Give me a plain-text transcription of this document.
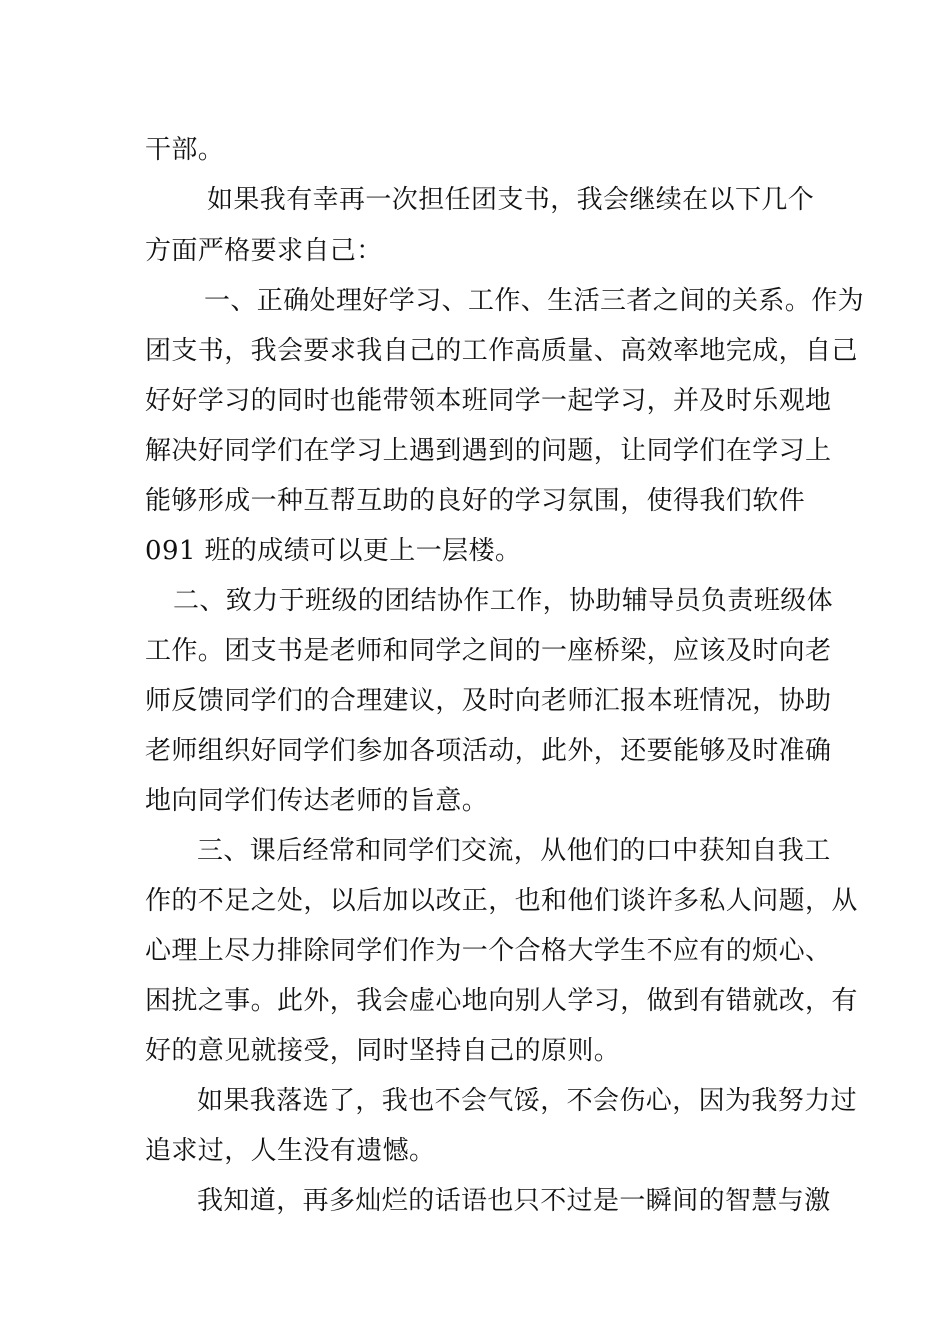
干部。
如果我有幸再一次担任团支书，我会继续在以下几个
方面严格要求自己：
一、正确处理好学习、工作、生活三者之间的关系。作为
团支书，我会要求我自己的工作高质量、高效率地完成，自己
好好学习的同时也能带领本班同学一起学习，并及时乐观地
解决好同学们在学习上遇到遇到的问题，让同学们在学习上
能够形成一种互帮互助的良好的学习氛围，使得我们软件
091 班的成绩可以更上一层楼。
二、致力于班级的团结协作工作，协助辅导员负责班级体
工作。团支书是老师和同学之间的一座桥梁，应该及时向老
师反馈同学们的合理建议，及时向老师汇报本班情况，协助
老师组织好同学们参加各项活动，此外，还要能够及时准确
地向同学们传达老师的旨意。
三、课后经常和同学们交流，从他们的口中获知自我工
作的不足之处，以后加以改正，也和他们谈许多私人问题，从
心理上尽力排除同学们作为一个合格大学生不应有的烦心、
困扰之事。此外，我会虚心地向别人学习，做到有错就改，有
好的意见就接受，同时坚持自己的原则。
如果我落选了，我也不会气馁，不会伤心，因为我努力过
追求过，人生没有遗憾。
我知道，再多灿烂的话语也只不过是一瞬间的智慧与激
